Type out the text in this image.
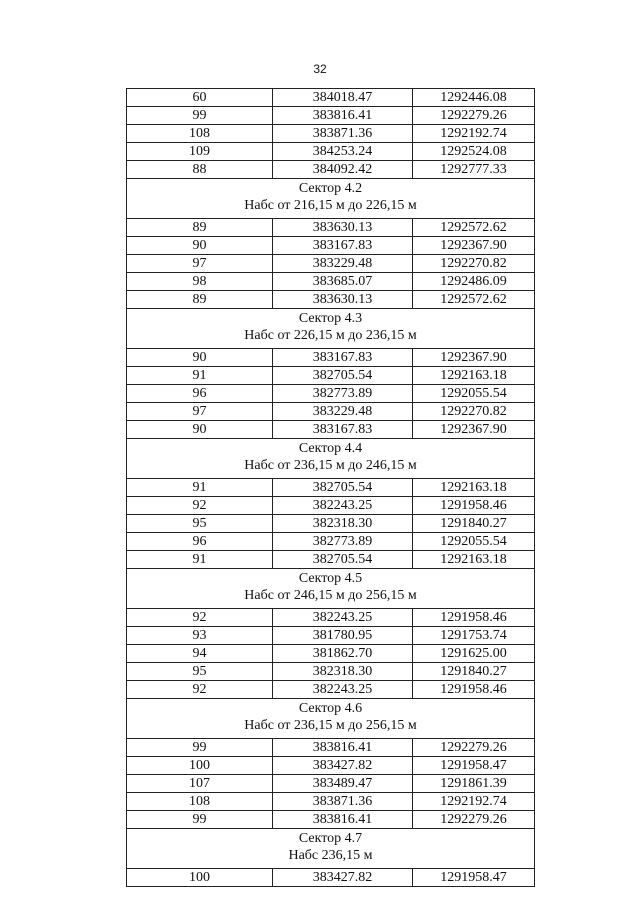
32
60	384018.47	1292446.08
99	383816.41	1292279.26
108	383871.36	1292192.74
109	384253.24	1292524.08
88	384092.42	1292777.33

Сектор 4.2
Набс от 216,15 м до 226,15 м		

89	383630.13	1292572.62
90	383167.83	1292367.90
97	383229.48	1292270.82
98	383685.07	1292486.09
89	383630.13	1292572.62

Сектор 4.3
Набс от 226,15 м до 236,15 м		

90	383167.83	1292367.90
91	382705.54	1292163.18
96	382773.89	1292055.54
97	383229.48	1292270.82
90	383167.83	1292367.90

Сектор 4.4
Набс от 236,15 м до 246,15 м		

91	382705.54	1292163.18
92	382243.25	1291958.46
95	382318.30	1291840.27
96	382773.89	1292055.54
91	382705.54	1292163.18

Сектор 4.5
Набс от 246,15 м до 256,15 м		

92	382243.25	1291958.46
93	381780.95	1291753.74
94	381862.70	1291625.00
95	382318.30	1291840.27
92	382243.25	1291958.46

Сектор 4.6
Набс от 236,15 м до 256,15 м		

99	383816.41	1292279.26
100	383427.82	1291958.47
107	383489.47	1291861.39
108	383871.36	1292192.74
99	383816.41	1292279.26

Сектор 4.7
Набс 236,15 м		

100	383427.82	1291958.47
